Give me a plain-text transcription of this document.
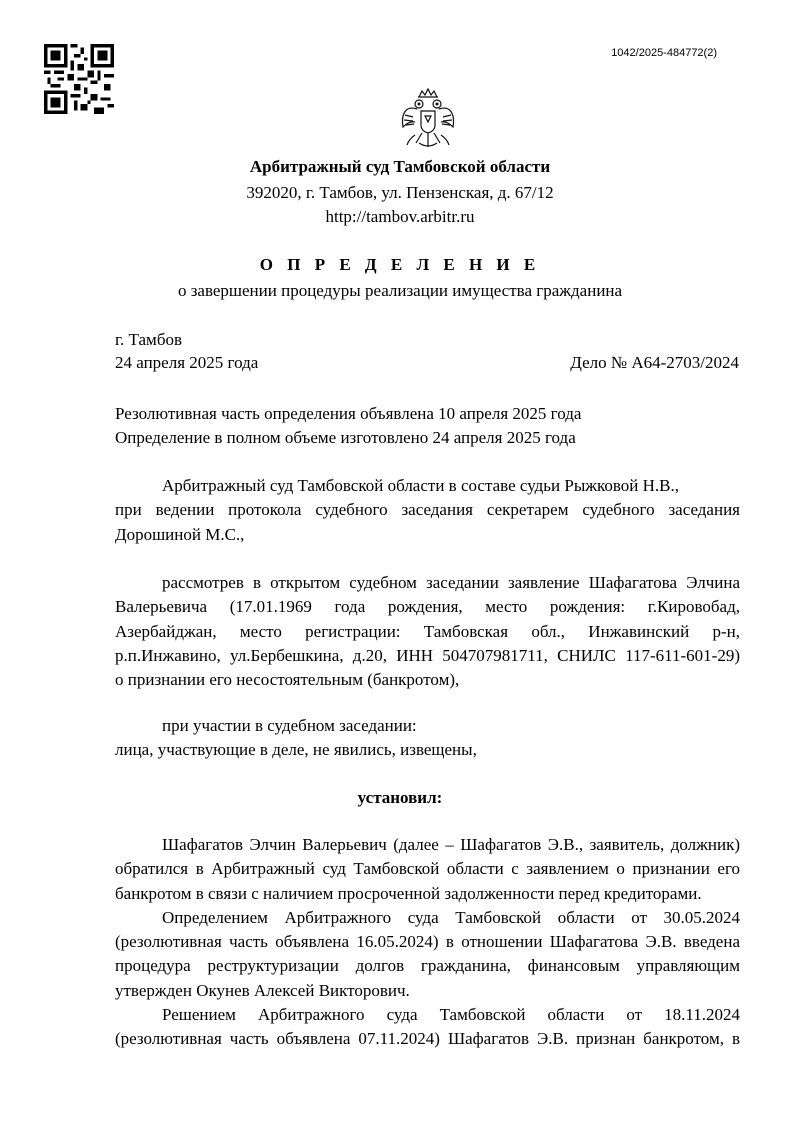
1042/2025-484772(2)
Арбитражный суд Тамбовской области
392020, г. Тамбов, ул. Пензенская, д. 67/12
http://tambov.arbitr.ru
О П Р Е Д Е Л Е Н И Е
о завершении процедуры реализации имущества гражданина
г. Тамбов
24 апреля 2025 года	Дело № А64-2703/2024

Резолютивная часть определения объявлена 10 апреля 2025 года

Определение в полном объеме изготовлено 24 апреля 2025 года

Арбитражный суд Тамбовской области в составе судьи Рыжковой Н.В.,

при ведении протокола судебного заседания секретарем судебного заседания

Дорошиной М.С.,

рассмотрев в открытом судебном заседании заявление Шафагатова Элчина

Валерьевича (17.01.1969 года рождения, место рождения: г.Кировобад,

Азербайджан, место регистрации: Тамбовская обл., Инжавинский р-н,

р.п.Инжавино, ул.Бербешкина, д.20, ИНН 504707981711, СНИЛС 117-611-601-29)

о признании его несостоятельным (банкротом),

при участии в судебном заседании:

лица, участвующие в деле, не явились, извещены,

установил:

Шафагатов Элчин Валерьевич (далее – Шафагатов Э.В., заявитель, должник)

обратился в Арбитражный суд Тамбовской области с заявлением о признании его

банкротом в связи с наличием просроченной задолженности перед кредиторами.

Определением Арбитражного суда Тамбовской области от 30.05.2024

(резолютивная часть объявлена 16.05.2024) в отношении Шафагатова Э.В. введена

процедура реструктуризации долгов гражданина, финансовым управляющим

утвержден Окунев Алексей Викторович.

Решением Арбитражного суда Тамбовской области от 18.11.2024

(резолютивная часть объявлена 07.11.2024) Шафагатов Э.В. признан банкротом, в
